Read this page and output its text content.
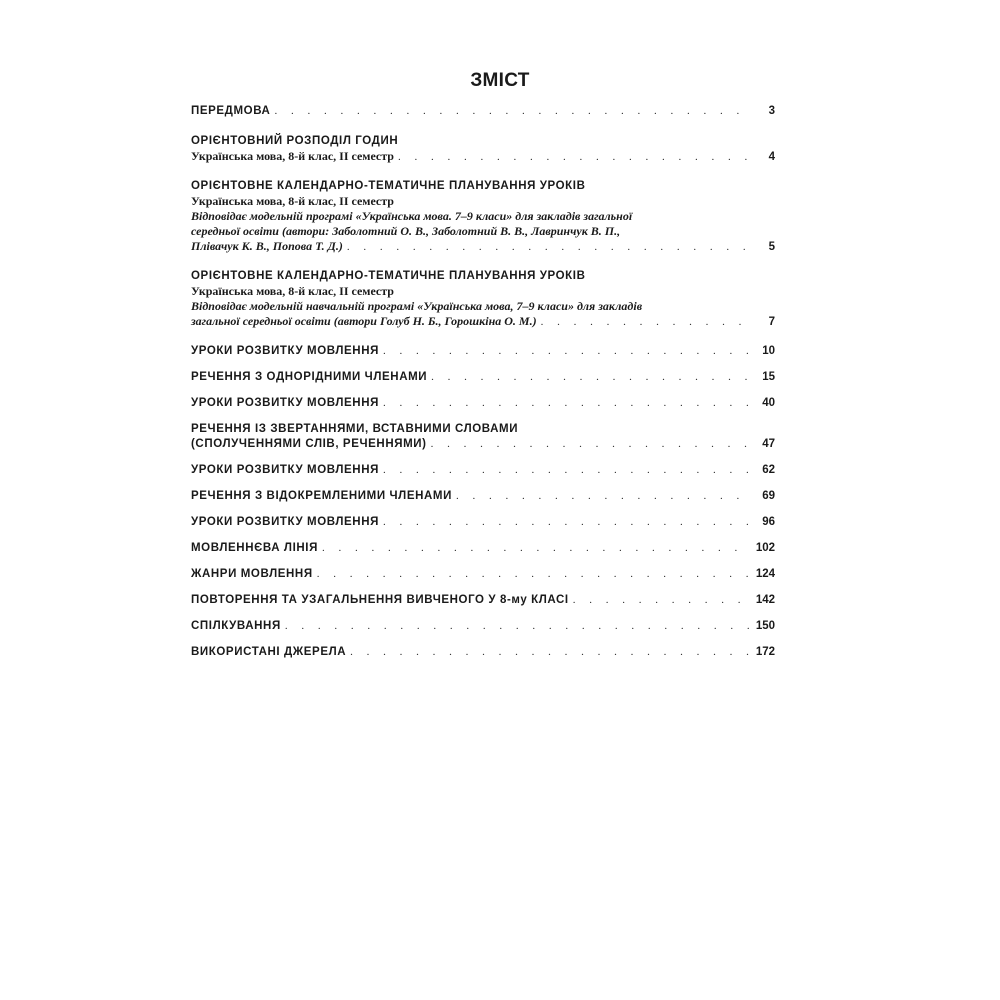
ЗМІСТ
ПЕРЕДМОВА . . .	3
ОРІЄНТОВНИЙ РОЗПОДІЛ ГОДИН
Українська мова, 8-й клас, ІІ семестр . . .	4
ОРІЄНТОВНЕ КАЛЕНДАРНО-ТЕМАТИЧНЕ ПЛАНУВАННЯ УРОКІВ
Українська мова, 8-й клас, ІІ семестр
Відповідає модельній програмі «Українська мова. 7–9 класи» для закладів загальної
середньої освіти (автори: Заболотний О. В., Заболотний В. В., Лавринчук В. П.,
Плівачук К. В., Попова Т. Д.) . . .	5
ОРІЄНТОВНЕ КАЛЕНДАРНО-ТЕМАТИЧНЕ ПЛАНУВАННЯ УРОКІВ
Українська мова, 8-й клас, ІІ семестр
Відповідає модельній навчальній програмі «Українська мова, 7–9 класи» для закладів
загальної середньої освіти (автори Голуб Н. Б., Горошкіна О. М.) . . .	7
УРОКИ РОЗВИТКУ МОВЛЕННЯ . . .	10
РЕЧЕННЯ З ОДНОРІДНИМИ ЧЛЕНАМИ . . .	15
УРОКИ РОЗВИТКУ МОВЛЕННЯ . . .	40
РЕЧЕННЯ ІЗ ЗВЕРТАННЯМИ, ВСТАВНИМИ СЛОВАМИ
(СПОЛУЧЕННЯМИ СЛІВ, РЕЧЕННЯМИ) . . .	47
УРОКИ РОЗВИТКУ МОВЛЕННЯ . . .	62
РЕЧЕННЯ З ВІДОКРЕМЛЕНИМИ ЧЛЕНАМИ . . .	69
УРОКИ РОЗВИТКУ МОВЛЕННЯ . . .	96
МОВЛЕННЄВА ЛІНІЯ . . .	102
ЖАНРИ МОВЛЕННЯ . . .	124
ПОВТОРЕННЯ ТА УЗАГАЛЬНЕННЯ ВИВЧЕНОГО У 8-му КЛАСІ . . .	142
СПІЛКУВАННЯ . . .	150
ВИКОРИСТАНІ ДЖЕРЕЛА . . .	172
